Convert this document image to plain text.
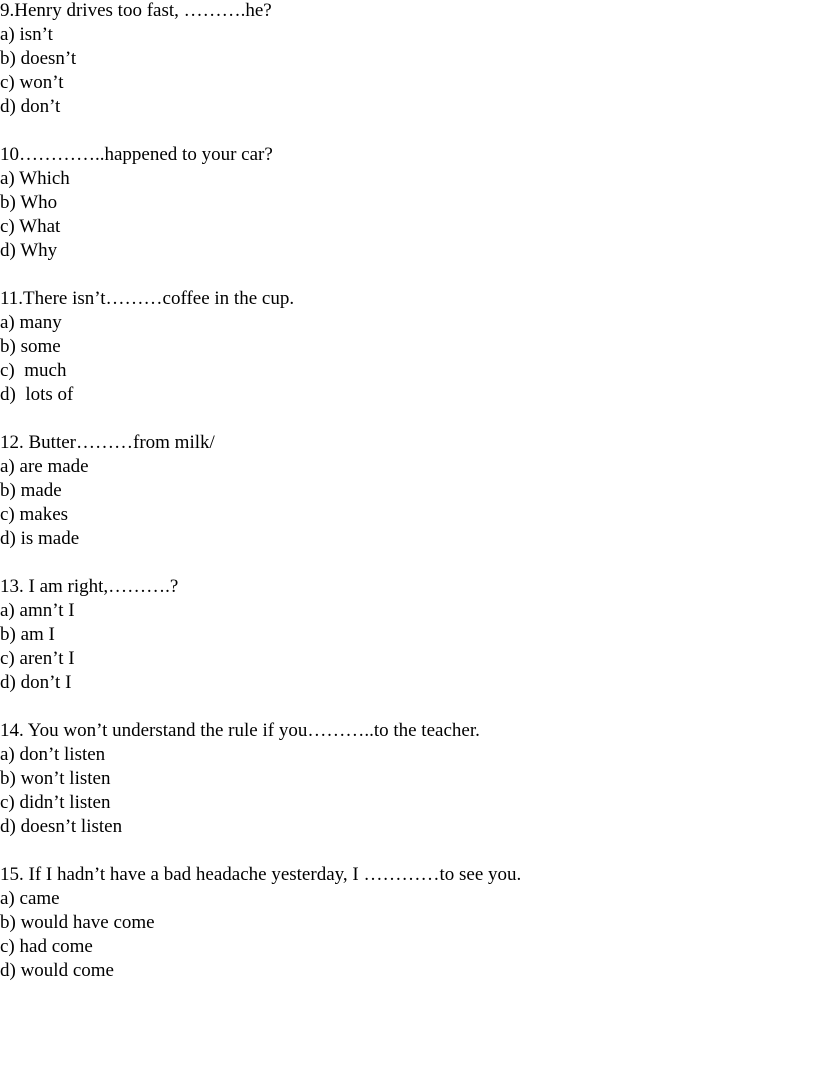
9.Henry drives too fast, ……….he?

a) isn’t

b) doesn’t

c) won’t

d) don’t

10…………..happened to your car?

a) Which

b) Who

c) What

d) Why

11.There isn’t………coffee in the cup.

a) many

b) some

c)  much

d)  lots of

12. Butter………from milk/

a) are made

b) made

c) makes

d) is made

13. I am right,……….?

a) amn’t I

b) am I

c) aren’t I

d) don’t I

14. You won’t understand the rule if you………..to the teacher.

a) don’t listen

b) won’t listen

c) didn’t listen

d) doesn’t listen

15. If I hadn’t have a bad headache yesterday, I …………to see you.

a) came

b) would have come

c) had come

d) would come
